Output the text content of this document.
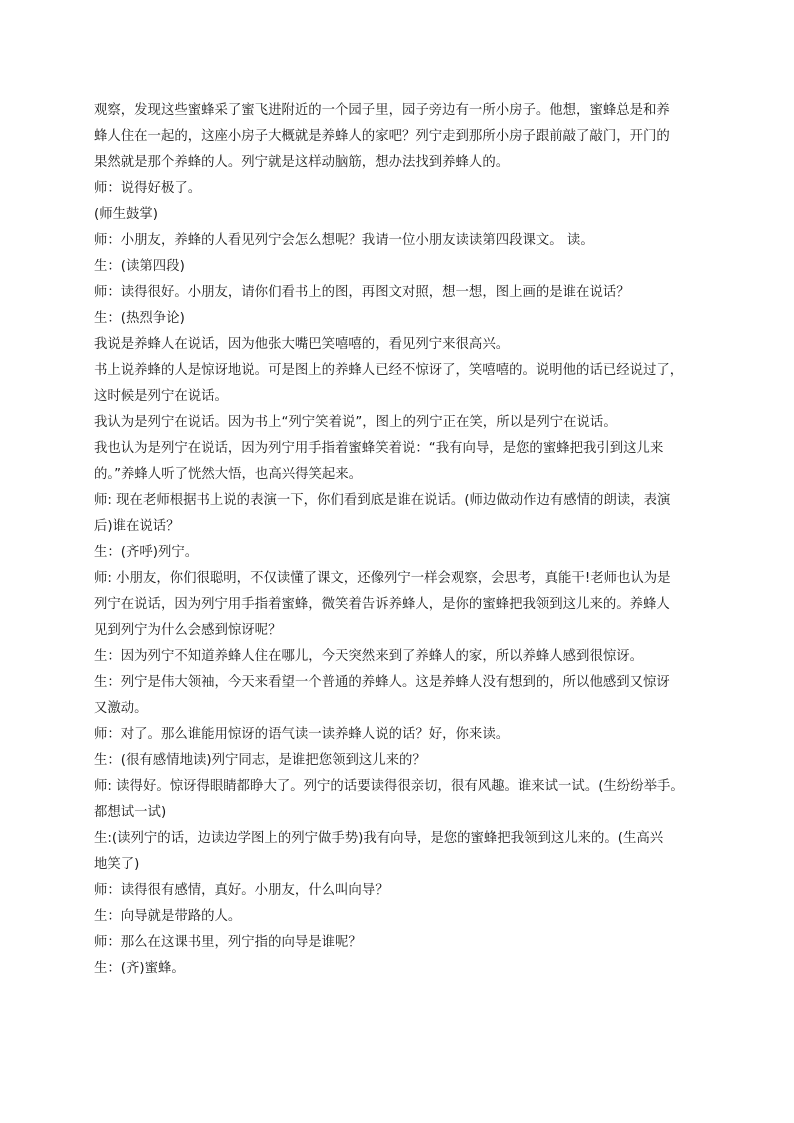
观察，发现这些蜜蜂采了蜜飞进附近的一个园子里，园子旁边有一所小房子。他想，蜜蜂总是和养
蜂人住在一起的，这座小房子大概就是养蜂人的家吧？列宁走到那所小房子跟前敲了敲门，开门的
果然就是那个养蜂的人。列宁就是这样动脑筋，想办法找到养蜂人的。
师：说得好极了。
(师生鼓掌)
师：小朋友，养蜂的人看见列宁会怎么想呢？我请一位小朋友读读第四段课文。 读。
生：(读第四段)
师：读得很好。小朋友，请你们看书上的图，再图文对照，想一想，图上画的是谁在说话？
生：(热烈争论)
我说是养蜂人在说话，因为他张大嘴巴笑嘻嘻的，看见列宁来很高兴。
书上说养蜂的人是惊讶地说。可是图上的养蜂人已经不惊讶了，笑嘻嘻的。说明他的话已经说过了，
这时候是列宁在说话。
我认为是列宁在说话。因为书上“列宁笑着说”，图上的列宁正在笑，所以是列宁在说话。
我也认为是列宁在说话，因为列宁用手指着蜜蜂笑着说：“我有向导，是您的蜜蜂把我引到这儿来
的。”养蜂人听了恍然大悟，也高兴得笑起来。
师: 现在老师根据书上说的表演一下，你们看到底是谁在说话。(师边做动作边有感情的朗读，表演
后)谁在说话？
生：(齐呼)列宁。
师: 小朋友，你们很聪明，不仅读懂了课文，还像列宁一样会观察，会思考，真能干!老师也认为是
列宁在说话，因为列宁用手指着蜜蜂，微笑着告诉养蜂人，是你的蜜蜂把我领到这儿来的。养蜂人
见到列宁为什么会感到惊讶呢？
生：因为列宁不知道养蜂人住在哪儿，今天突然来到了养蜂人的家，所以养蜂人感到很惊讶。
生：列宁是伟大领袖，今天来看望一个普通的养蜂人。这是养蜂人没有想到的，所以他感到又惊讶
又激动。
师：对了。那么谁能用惊讶的语气读一读养蜂人说的话？好，你来读。
生：(很有感情地读)列宁同志，是谁把您领到这儿来的？
师: 读得好。惊讶得眼睛都睁大了。列宁的话要读得很亲切，很有风趣。谁来试一试。(生纷纷举手。
都想试一试)
生:(读列宁的话，边读边学图上的列宁做手势)我有向导，是您的蜜蜂把我领到这儿来的。(生高兴
地笑了)
师：读得很有感情，真好。小朋友，什么叫向导？
生：向导就是带路的人。
师：那么在这课书里，列宁指的向导是谁呢？
生：(齐)蜜蜂。
